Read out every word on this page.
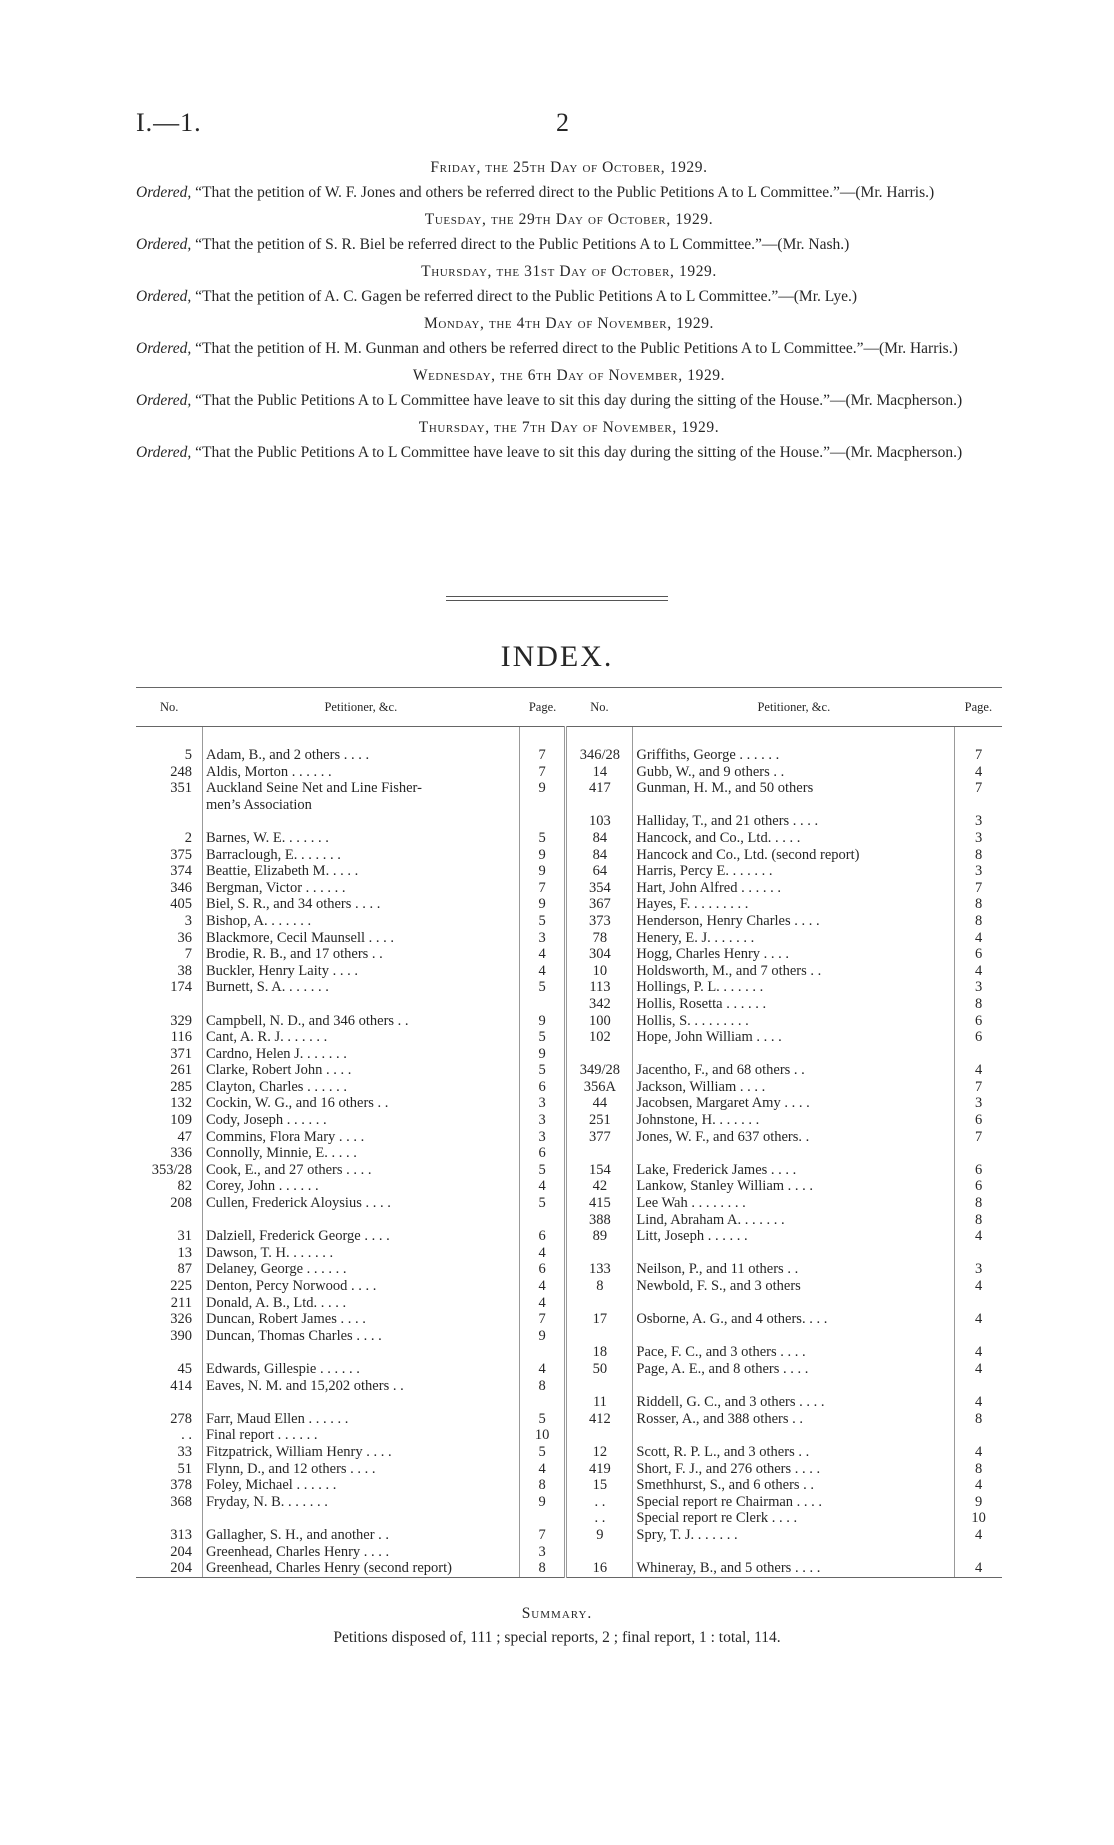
I.—1.	2
Friday, the 25th Day of October, 1929.
Ordered, “That the petition of W. F. Jones and others be referred direct to the Public Petitions A to L Committee.”—(Mr. Harris.)
Tuesday, the 29th Day of October, 1929.
Ordered, “That the petition of S. R. Biel be referred direct to the Public Petitions A to L Committee.”—(Mr. Nash.)
Thursday, the 31st Day of October, 1929.
Ordered, “That the petition of A. C. Gagen be referred direct to the Public Petitions A to L Committee.”—(Mr. Lye.)
Monday, the 4th Day of November, 1929.
Ordered, “That the petition of H. M. Gunman and others be referred direct to the Public Petitions A to L Committee.”—(Mr. Harris.)
Wednesday, the 6th Day of November, 1929.
Ordered, “That the Public Petitions A to L Committee have leave to sit this day during the sitting of the House.”—(Mr. Macpherson.)
Thursday, the 7th Day of November, 1929.
Ordered, “That the Public Petitions A to L Committee have leave to sit this day during the sitting of the House.”—(Mr. Macpherson.)
INDEX.
No.	Petitioner, &c.	Page.	No.	Petitioner, &c.	Page.
5	Adam, B., and 2 others . . . .	7	346/28	Griffiths, George . . . . . .	7
248	Aldis, Morton . . . . . .	7	14	Gubb, W., and 9 others . .	4
351	Auckland Seine Net and Line Fisher-	9	417	Gunman, H. M., and 50 others	7
	men’s Association				
			103	Halliday, T., and 21 others . . . .	3
2	Barnes, W. E. . . . . . .	5	84	Hancock, and Co., Ltd. . . . .	3
375	Barraclough, E. . . . . . .	9	84	Hancock and Co., Ltd. (second report)	8
374	Beattie, Elizabeth M. . . . .	9	64	Harris, Percy E. . . . . . .	3
346	Bergman, Victor . . . . . .	7	354	Hart, John Alfred . . . . . .	7
405	Biel, S. R., and 34 others . . . .	9	367	Hayes, F. . . . . . . . .	8
3	Bishop, A. . . . . . .	5	373	Henderson, Henry Charles . . . .	8
36	Blackmore, Cecil Maunsell . . . .	3	78	Henery, E. J. . . . . . .	4
7	Brodie, R. B., and 17 others . .	4	304	Hogg, Charles Henry . . . .	6
38	Buckler, Henry Laity . . . .	4	10	Holdsworth, M., and 7 others . .	4
174	Burnett, S. A. . . . . . .	5	113	Hollings, P. L. . . . . . .	3
			342	Hollis, Rosetta . . . . . .	8
329	Campbell, N. D., and 346 others . .	9	100	Hollis, S. . . . . . . . .	6
116	Cant, A. R. J. . . . . . .	5	102	Hope, John William . . . .	6
371	Cardno, Helen J. . . . . . .	9			
261	Clarke, Robert John . . . .	5	349/28	Jacentho, F., and 68 others . .	4
285	Clayton, Charles . . . . . .	6	356A	Jackson, William . . . .	7
132	Cockin, W. G., and 16 others . .	3	44	Jacobsen, Margaret Amy . . . .	3
109	Cody, Joseph . . . . . .	3	251	Johnstone, H. . . . . . .	6
47	Commins, Flora Mary . . . .	3	377	Jones, W. F., and 637 others. .	7
336	Connolly, Minnie, E. . . . .	6			
353/28	Cook, E., and 27 others . . . .	5	154	Lake, Frederick James . . . .	6
82	Corey, John . . . . . .	4	42	Lankow, Stanley William . . . .	6
208	Cullen, Frederick Aloysius . . . .	5	415	Lee Wah . . . . . . . .	8
			388	Lind, Abraham A. . . . . . .	8
31	Dalziell, Frederick George . . . .	6	89	Litt, Joseph . . . . . .	4
13	Dawson, T. H. . . . . . .	4			
87	Delaney, George . . . . . .	6	133	Neilson, P., and 11 others . .	3
225	Denton, Percy Norwood . . . .	4	8	Newbold, F. S., and 3 others	4
211	Donald, A. B., Ltd. . . . .	4			
326	Duncan, Robert James . . . .	7	17	Osborne, A. G., and 4 others. . . .	4
390	Duncan, Thomas Charles . . . .	9			
			18	Pace, F. C., and 3 others . . . .	4
45	Edwards, Gillespie . . . . . .	4	50	Page, A. E., and 8 others . . . .	4
414	Eaves, N. M. and 15,202 others . .	8			
			11	Riddell, G. C., and 3 others . . . .	4
278	Farr, Maud Ellen . . . . . .	5	412	Rosser, A., and 388 others . .	8
. .	Final report . . . . . .	10			
33	Fitzpatrick, William Henry . . . .	5	12	Scott, R. P. L., and 3 others . .	4
51	Flynn, D., and 12 others . . . .	4	419	Short, F. J., and 276 others . . . .	8
378	Foley, Michael . . . . . .	8	15	Smethhurst, S., and 6 others . .	4
368	Fryday, N. B. . . . . . .	9	. .	Special report re Chairman . . . .	9
			. .	Special report re Clerk . . . .	10
313	Gallagher, S. H., and another . .	7	9	Spry, T. J. . . . . . .	4
204	Greenhead, Charles Henry . . . .	3			
204	Greenhead, Charles Henry (second report)	8	16	Whineray, B., and 5 others . . . .	4
Summary.
Petitions disposed of, 111 ; special reports, 2 ; final report, 1 : total, 114.
